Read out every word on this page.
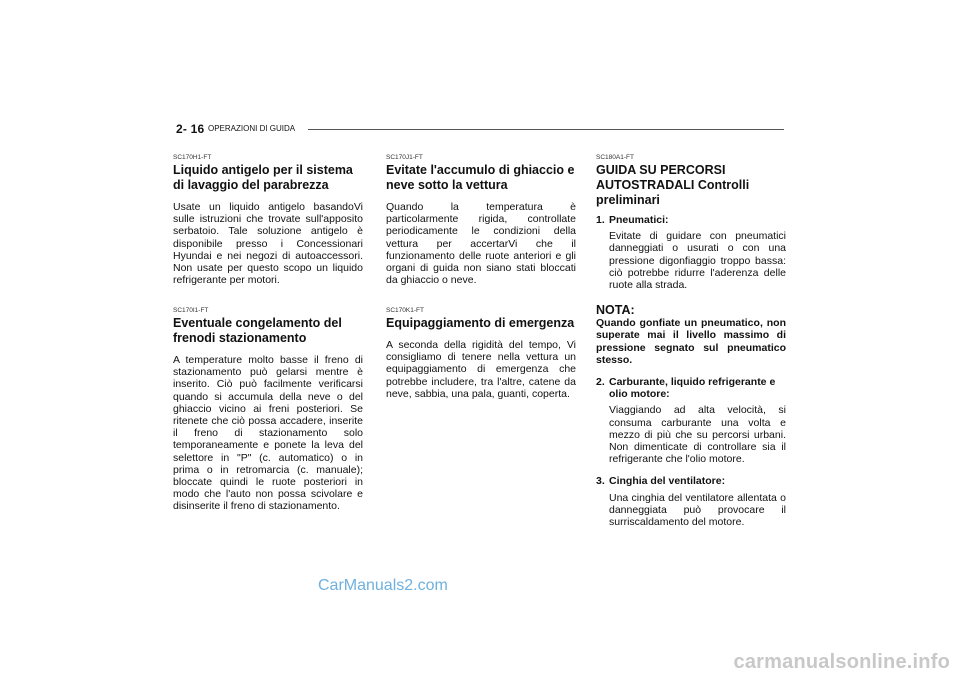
2- 16 OPERAZIONI DI GUIDA
SC170H1-FT
Liquido antigelo per il sistema di lavaggio del parabrezza
Usate un liquido antigelo basandoVi sulle istruzioni che trovate sull'apposito serbatoio. Tale soluzione antigelo è disponibile presso i Concessionari Hyundai e nei negozi di autoaccessori. Non usate per questo scopo un liquido refrigerante per motori.
SC170I1-FT
Eventuale congelamento del frenodi stazionamento
A temperature molto basse il freno di stazionamento può gelarsi mentre è inserito. Ciò può facilmente verificarsi quando si accumula della neve o del ghiaccio vicino ai freni posteriori. Se ritenete che ciò possa accadere, inserite il freno di stazionamento solo temporaneamente e ponete la leva del selettore in "P" (c. automatico) o in prima o in retromarcia (c. manuale); bloccate quindi le ruote posteriori in modo che l'auto non possa scivolare e disinserite il freno di stazionamento.
SC170J1-FT
Evitate l'accumulo di ghiaccio e neve sotto la vettura
Quando la temperatura è particolarmente rigida, controllate periodicamente le condizioni della vettura per accertarVi che il funzionamento delle ruote anteriori e gli organi di guida non siano stati bloccati da ghiaccio o neve.
SC170K1-FT
Equipaggiamento di emergenza
A seconda della rigidità del tempo, Vi consigliamo di tenere nella vettura un equipaggiamento di emergenza che potrebbe includere, tra l'altre, catene da neve, sabbia, una pala, guanti, coperta.
SC180A1-FT
GUIDA SU PERCORSI AUTOSTRADALI Controlli preliminari
1. Pneumatici:
Evitate di guidare con pneumatici danneggiati o usurati o con una pressione digonfiaggio troppo bassa: ciò potrebbe ridurre l'aderenza delle ruote alla strada.
NOTA:
Quando gonfiate un pneumatico, non superate mai il livello massimo di pressione segnato sul pneumatico stesso.
2. Carburante, liquido refrigerante e olio motore:
Viaggiando ad alta velocità, si consuma carburante una volta e mezzo di più che su percorsi urbani. Non dimenticate di controllare sia il refrigerante che l'olio motore.
3. Cinghia del ventilatore:
Una cinghia del ventilatore allentata o danneggiata può provocare il surriscaldamento del motore.
CarManuals2.com
carmanualsonline.info
